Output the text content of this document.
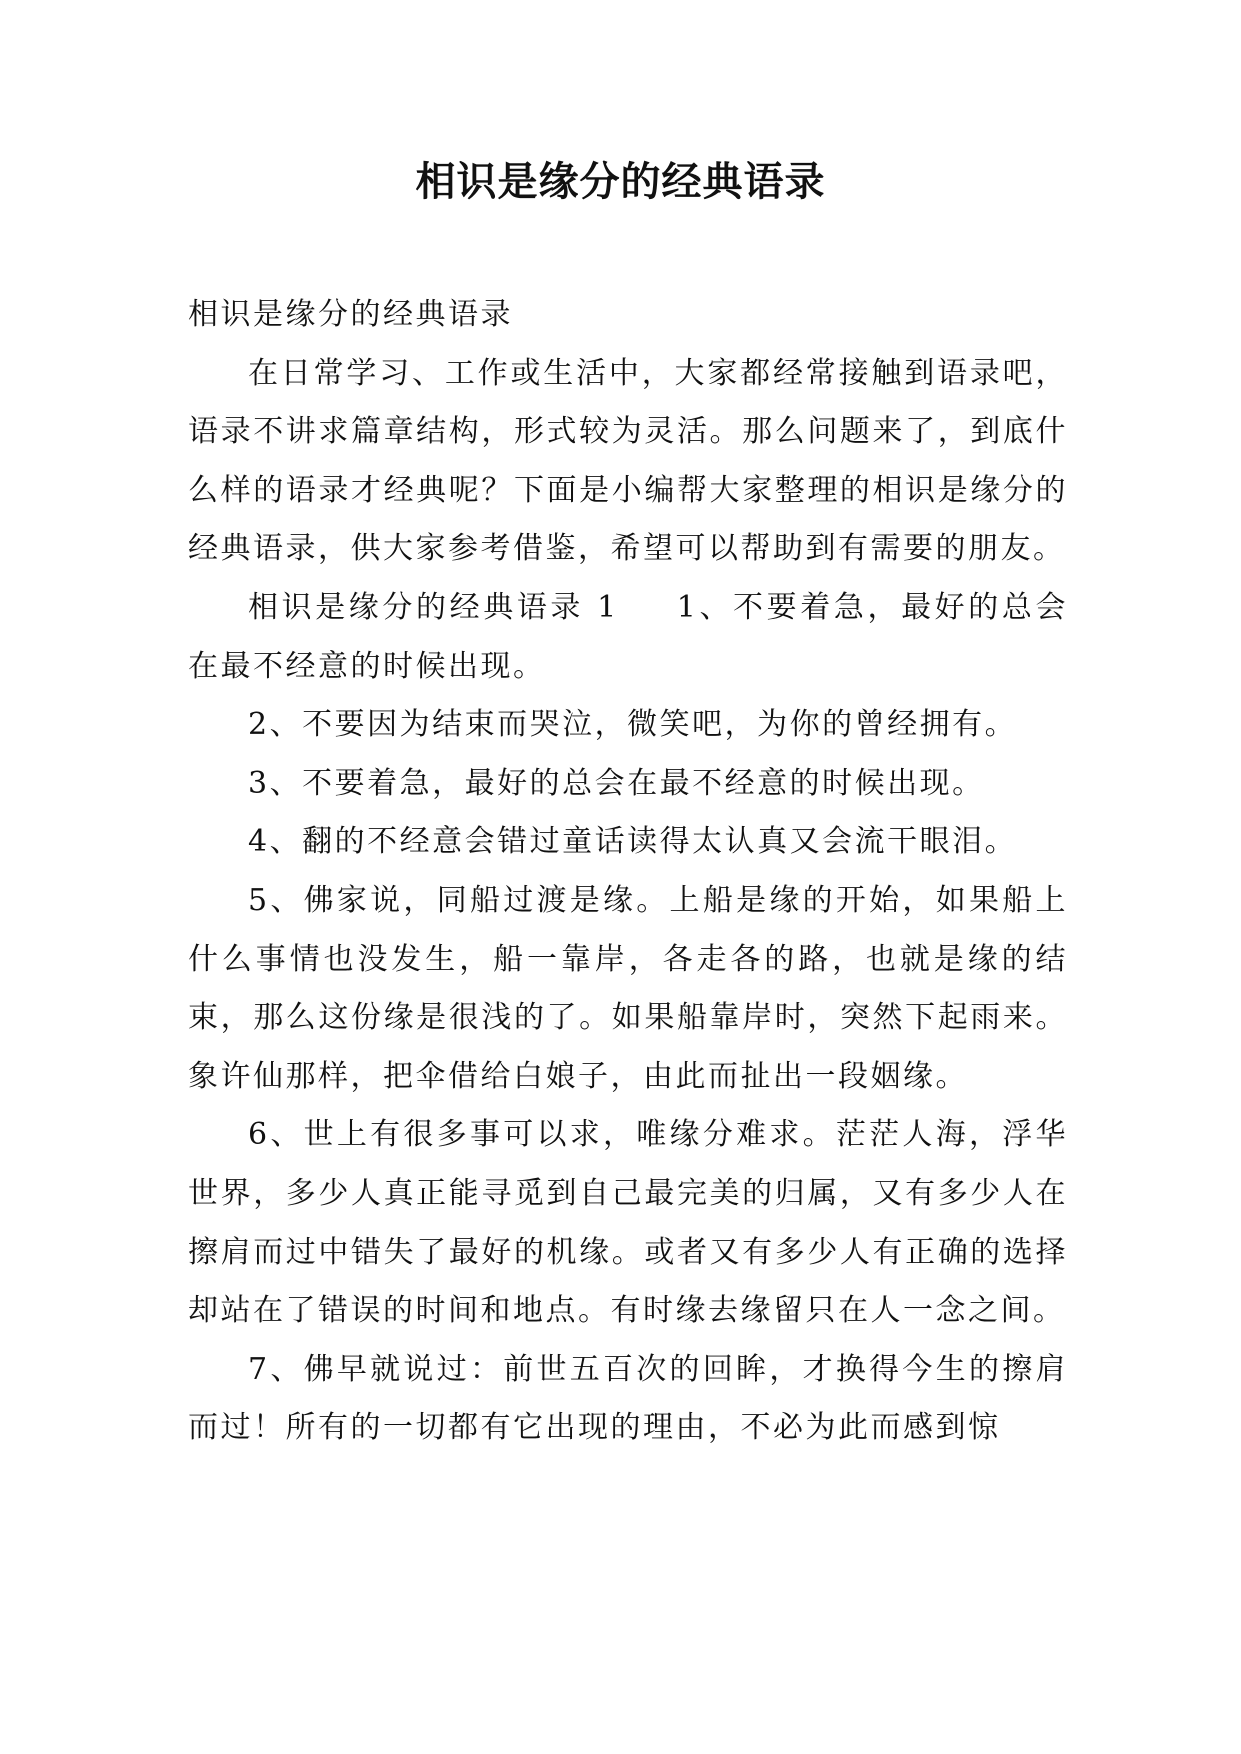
相识是缘分的经典语录

相识是缘分的经典语录

在日常学习、工作或生活中，大家都经常接触到语录吧，语录不讲求篇章结构，形式较为灵活。那么问题来了，到底什么样的语录才经典呢？下面是小编帮大家整理的相识是缘分的经典语录，供大家参考借鉴，希望可以帮助到有需要的朋友。

相识是缘分的经典语录 1 1、不要着急，最好的总会在最不经意的时候出现。

2、不要因为结束而哭泣，微笑吧，为你的曾经拥有。

3、不要着急，最好的总会在最不经意的时候出现。

4、翻的不经意会错过童话读得太认真又会流干眼泪。

5、佛家说，同船过渡是缘。上船是缘的开始，如果船上什么事情也没发生，船一靠岸，各走各的路，也就是缘的结束，那么这份缘是很浅的了。如果船靠岸时，突然下起雨来。象许仙那样，把伞借给白娘子，由此而扯出一段姻缘。

6、世上有很多事可以求，唯缘分难求。茫茫人海，浮华世界，多少人真正能寻觅到自己最完美的归属，又有多少人在擦肩而过中错失了最好的机缘。或者又有多少人有正确的选择却站在了错误的时间和地点。有时缘去缘留只在人一念之间。

7、佛早就说过：前世五百次的回眸，才换得今生的擦肩而过！所有的一切都有它出现的理由，不必为此而感到惊
